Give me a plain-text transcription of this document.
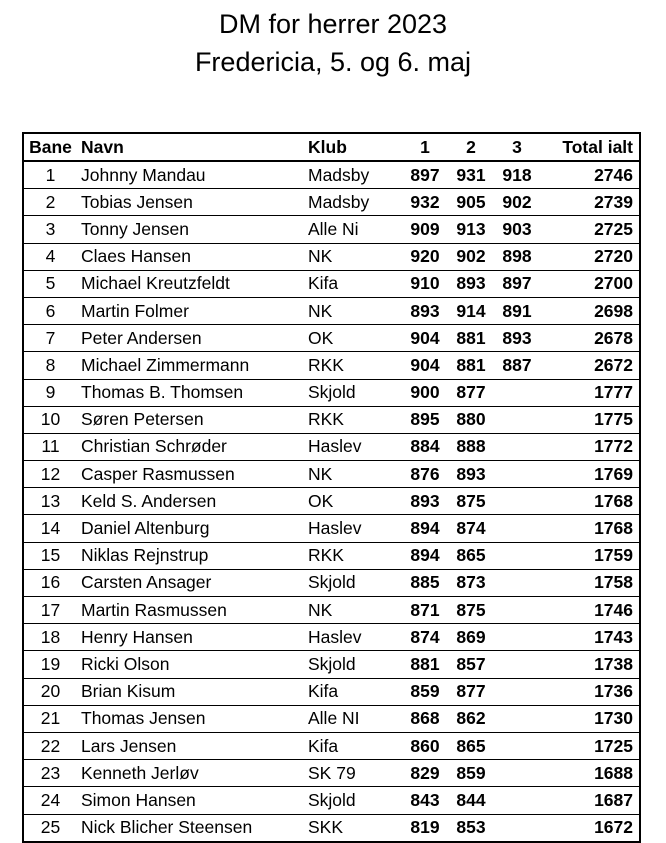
DM for herrer 2023
Fredericia, 5. og 6. maj
Bane	Navn	Klub	1	2	3	Total ialt
1	Johnny Mandau	Madsby	897	931	918	2746
2	Tobias Jensen	Madsby	932	905	902	2739
3	Tonny Jensen	Alle Ni	909	913	903	2725
4	Claes Hansen	NK	920	902	898	2720
5	Michael Kreutzfeldt	Kifa	910	893	897	2700
6	Martin Folmer	NK	893	914	891	2698
7	Peter Andersen	OK	904	881	893	2678
8	Michael Zimmermann	RKK	904	881	887	2672
9	Thomas B. Thomsen	Skjold	900	877		1777
10	Søren Petersen	RKK	895	880		1775
11	Christian Schrøder	Haslev	884	888		1772
12	Casper Rasmussen	NK	876	893		1769
13	Keld S. Andersen	OK	893	875		1768
14	Daniel Altenburg	Haslev	894	874		1768
15	Niklas Rejnstrup	RKK	894	865		1759
16	Carsten Ansager	Skjold	885	873		1758
17	Martin Rasmussen	NK	871	875		1746
18	Henry Hansen	Haslev	874	869		1743
19	Ricki Olson	Skjold	881	857		1738
20	Brian Kisum	Kifa	859	877		1736
21	Thomas Jensen	Alle NI	868	862		1730
22	Lars Jensen	Kifa	860	865		1725
23	Kenneth Jerløv	SK 79	829	859		1688
24	Simon Hansen	Skjold	843	844		1687
25	Nick Blicher Steensen	SKK	819	853		1672
